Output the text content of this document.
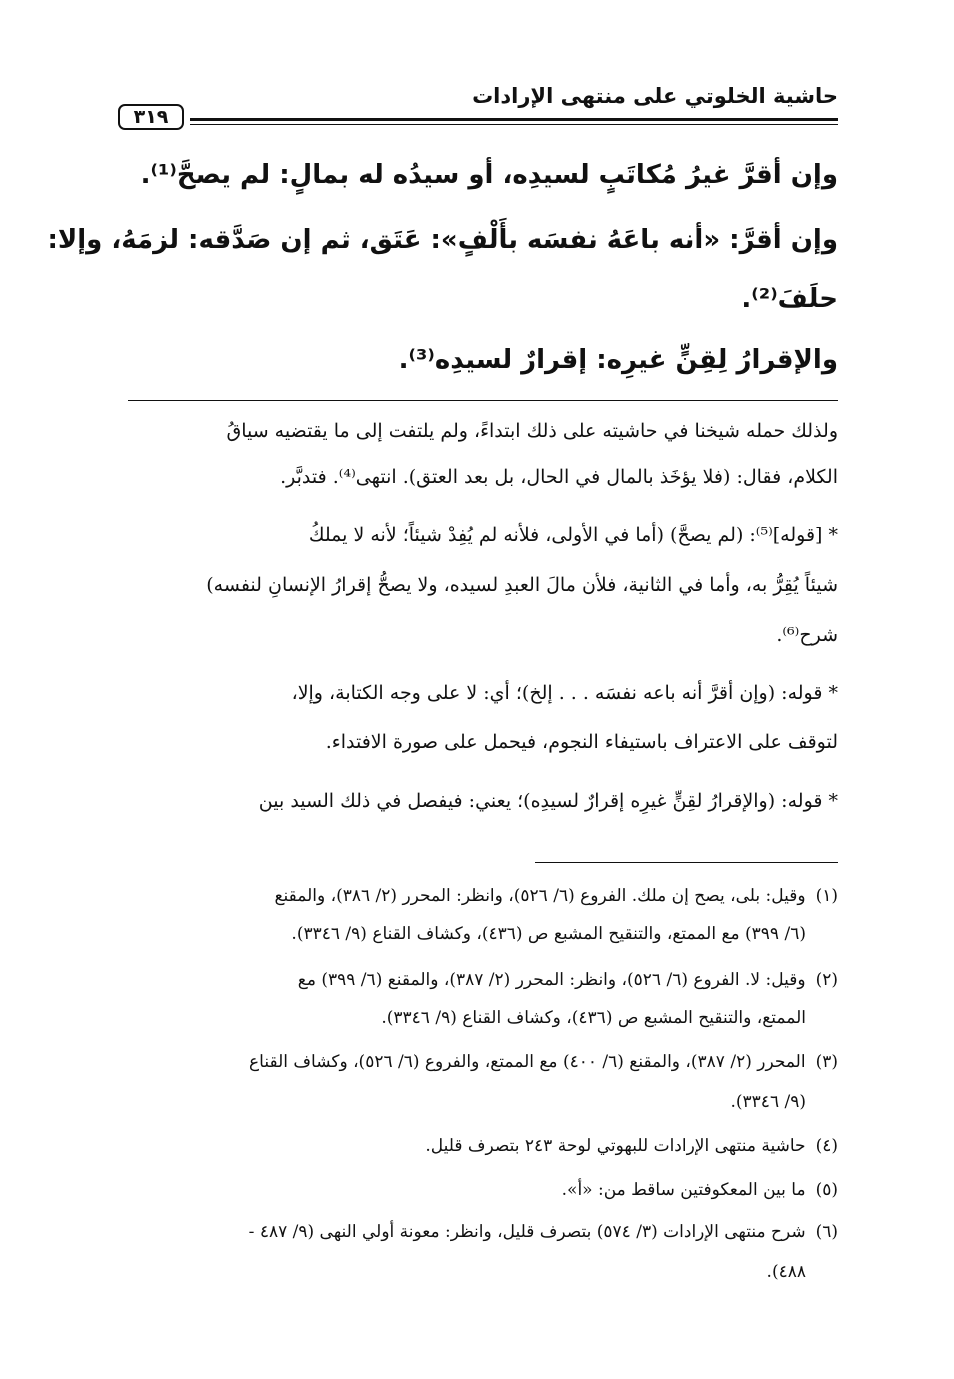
حاشية الخلوتي على منتهى الإرادات
٣١٩
وإن أقرَّ غيرُ مُكاتَبٍ لسيدِه، أو سيدُه له بمالٍ: لم يصحَّ⁽¹⁾.
وإن أقرَّ: «أنه باعَهُ نفسَه بأَلْفٍ»: عَتَق، ثم إن صَدَّقه: لزمَهُ، وإلا:
حلَفَ⁽²⁾.
والإقرارُ لِقِنٍّ غيرِه: إقرارٌ لسيدِه⁽³⁾.
ولذلك حمله شيخنا في حاشيته على ذلك ابتداءً، ولم يلتفت إلى ما يقتضيه سياقُ
الكلام، فقال: (فلا يؤخَذ بالمال في الحال، بل بعد العتق). انتهى⁽⁴⁾. فتدبَّر.
* [قوله]⁽⁵⁾: (لم يصحَّ) (أما في الأولى، فلأنه لم يُفِدْ شيئاً؛ لأنه لا يملكُ
شيئاً يُقِرُّ به، وأما في الثانية، فلأن مالَ العبدِ لسيده، ولا يصحُّ إقرارُ الإنسانِ لنفسه)
شرح⁽⁶⁾.
* قوله: (وإن أقرَّ أنه باعه نفسَه . . . إلخ)؛ أي: لا على وجه الكتابة، وإلا،
لتوقف على الاعتراف باستيفاء النجوم، فيحمل على صورة الافتداء.
* قوله: (والإقرارُ لقِنٍّ غيرِه إقرارٌ لسيدِه)؛ يعني: فيفصل في ذلك السيد بين
(١)وقيل: بلى، يصح إن ملك. الفروع (٦/ ٥٢٦)، وانظر: المحرر (٢/ ٣٨٦)، والمقنع
(٦/ ٣٩٩) مع الممتع، والتنقيح المشبع ص (٤٣٦)، وكشاف القناع (٩/ ٣٣٤٦).
(٢)وقيل: لا. الفروع (٦/ ٥٢٦)، وانظر: المحرر (٢/ ٣٨٧)، والمقنع (٦/ ٣٩٩) مع
الممتع، والتنقيح المشبع ص (٤٣٦)، وكشاف القناع (٩/ ٣٣٤٦).
(٣)المحرر (٢/ ٣٨٧)، والمقنع (٦/ ٤٠٠) مع الممتع، والفروع (٦/ ٥٢٦)، وكشاف القناع
(٩/ ٣٣٤٦).
(٤)حاشية منتهى الإرادات للبهوتي لوحة ٢٤٣ بتصرف قليل.
(٥)ما بين المعكوفتين ساقط من: «أ».
(٦)شرح منتهى الإرادات (٣/ ٥٧٤) بتصرف قليل، وانظر: معونة أولي النهى (٩/ ٤٨٧ -
٤٨٨).
